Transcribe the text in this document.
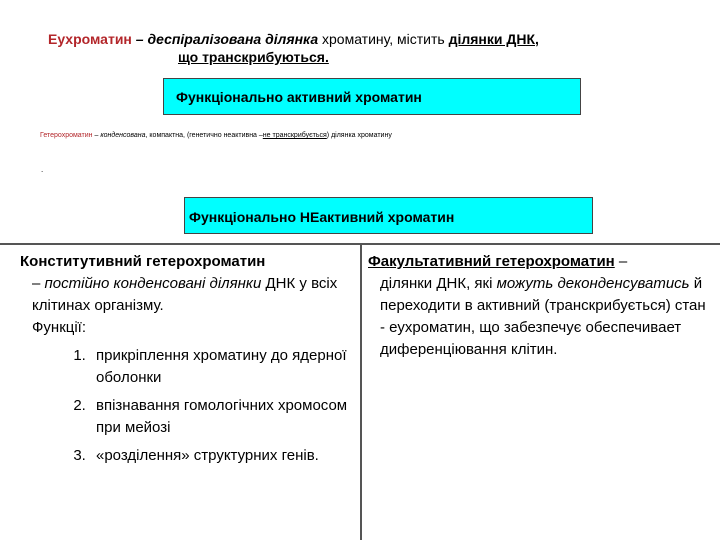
Еухроматин – деспіралізована ділянка хроматину, містить ділянки ДНК,
що транскрибуються.
Функціонально активний хроматин
Гетерохроматин – конденсована, компактна, (генетично неактивна –не транскрибується) ділянка хроматину
.
Функціонально НЕактивний хроматин
Конститутивний гетерохроматин
– постійно конденсовані ділянки ДНК у всіх клітинах організму.
Функції:
1. прикріплення хроматину до ядерної оболонки
2. впізнавання гомологічних хромосом при мейозі
3. «розділення» структурних генів.
Факультативний гетерохроматин –
ділянки ДНК, які можуть деконденсуватись й переходити в активний (транскрибується) стан - еухроматин, що забезпечує обеспечивает диференціювання клітин.
